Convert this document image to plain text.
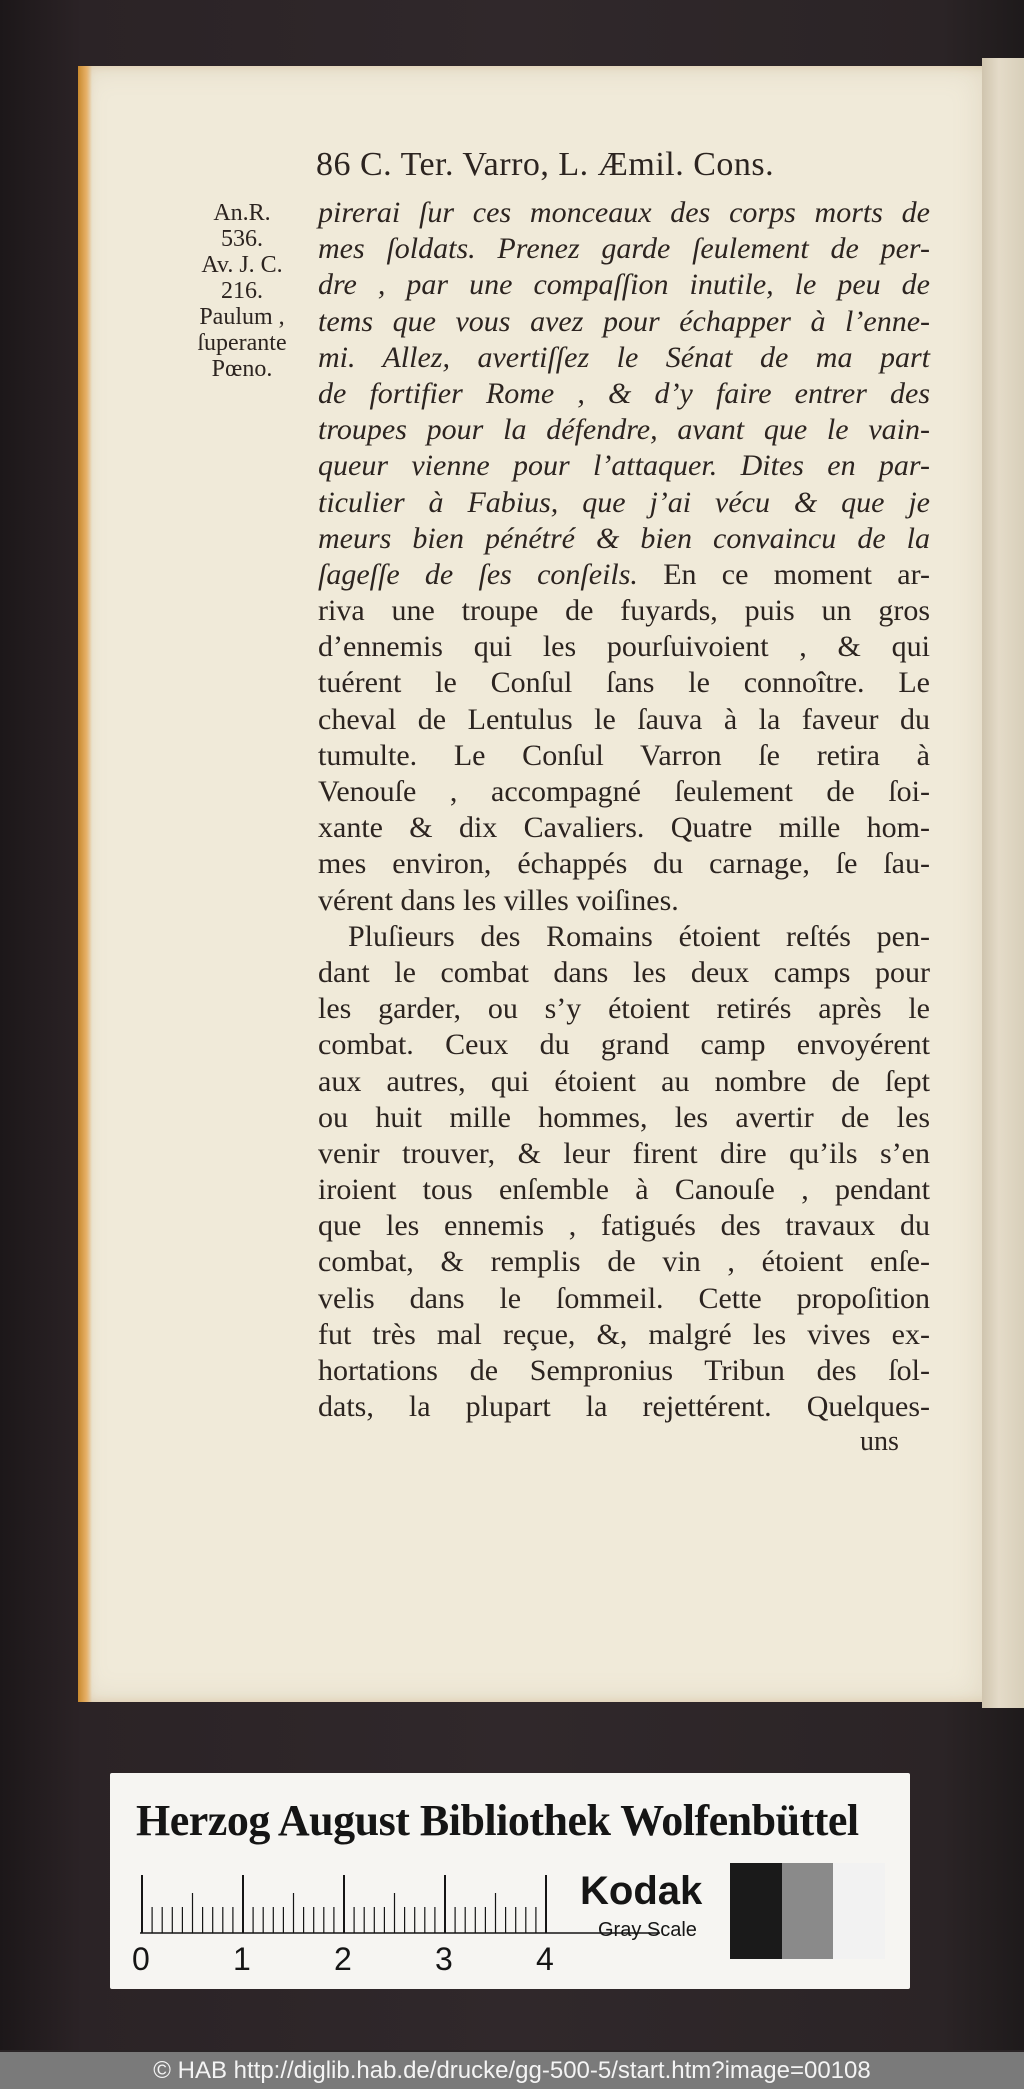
86 C. Ter. Varro, L. Æmil. Cons.
An.R.
536.
Av. J. C.
216.
Paulum ,
ſuperante
Pœno.
pirerai ſur ces monceaux des corps morts de
mes ſoldats. Prenez garde ſeulement de per-
dre , par une compaſſion inutile, le peu de
tems que vous avez pour échapper à l’enne-
mi. Allez, avertiſſez le Sénat de ma part
de fortifier Rome , & d’y faire entrer des
troupes pour la défendre, avant que le vain-
queur vienne pour l’attaquer. Dites en par-
ticulier à Fabius, que j’ai vécu & que je
meurs bien pénétré & bien convaincu de la
ſageſſe de ſes conſeils. En ce moment ar-
riva une troupe de fuyards, puis un gros
d’ennemis qui les pourſuivoient , & qui
tuérent le Conſul ſans le connoître. Le
cheval de Lentulus le ſauva à la faveur du
tumulte. Le Conſul Varron ſe retira à
Venouſe , accompagné ſeulement de ſoi-
xante & dix Cavaliers. Quatre mille hom-
mes environ, échappés du carnage, ſe ſau-
vérent dans les villes voiſines.
Pluſieurs des Romains étoient reſtés pen-
dant le combat dans les deux camps pour
les garder, ou s’y étoient retirés après le
combat. Ceux du grand camp envoyérent
aux autres, qui étoient au nombre de ſept
ou huit mille hommes, les avertir de les
venir trouver, & leur firent dire qu’ils s’en
iroient tous enſemble à Canouſe , pendant
que les ennemis , fatigués des travaux du
combat, & remplis de vin , étoient enſe-
velis dans le ſommeil. Cette propoſition
fut très mal reçue, &, malgré les vives ex-
hortations de Sempronius Tribun des ſol-
dats, la plupart la rejettérent. Quelques-
uns
Herzog August Bibliothek Wolfenbüttel
0	1	2	3	4
Kodak
Gray Scale
© HAB http://diglib.hab.de/drucke/gg-500-5/start.htm?image=00108
